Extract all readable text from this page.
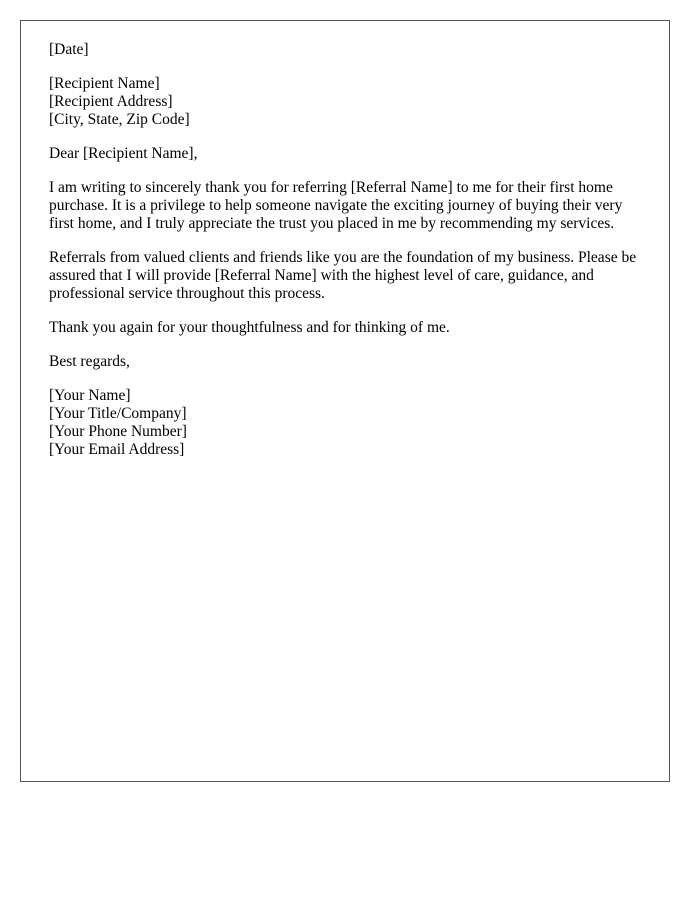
[Date]
[Recipient Name]
[Recipient Address]
[City, State, Zip Code]

Dear [Recipient Name],

I am writing to sincerely thank you for referring [Referral Name] to me for their first home purchase. It is a privilege to help someone navigate the exciting journey of buying their very first home, and I truly appreciate the trust you placed in me by recommending my services.

Referrals from valued clients and friends like you are the foundation of my business. Please be assured that I will provide [Referral Name] with the highest level of care, guidance, and professional service throughout this process.

Thank you again for your thoughtfulness and for thinking of me.

Best regards,

[Your Name]
[Your Title/Company]
[Your Phone Number]
[Your Email Address]
